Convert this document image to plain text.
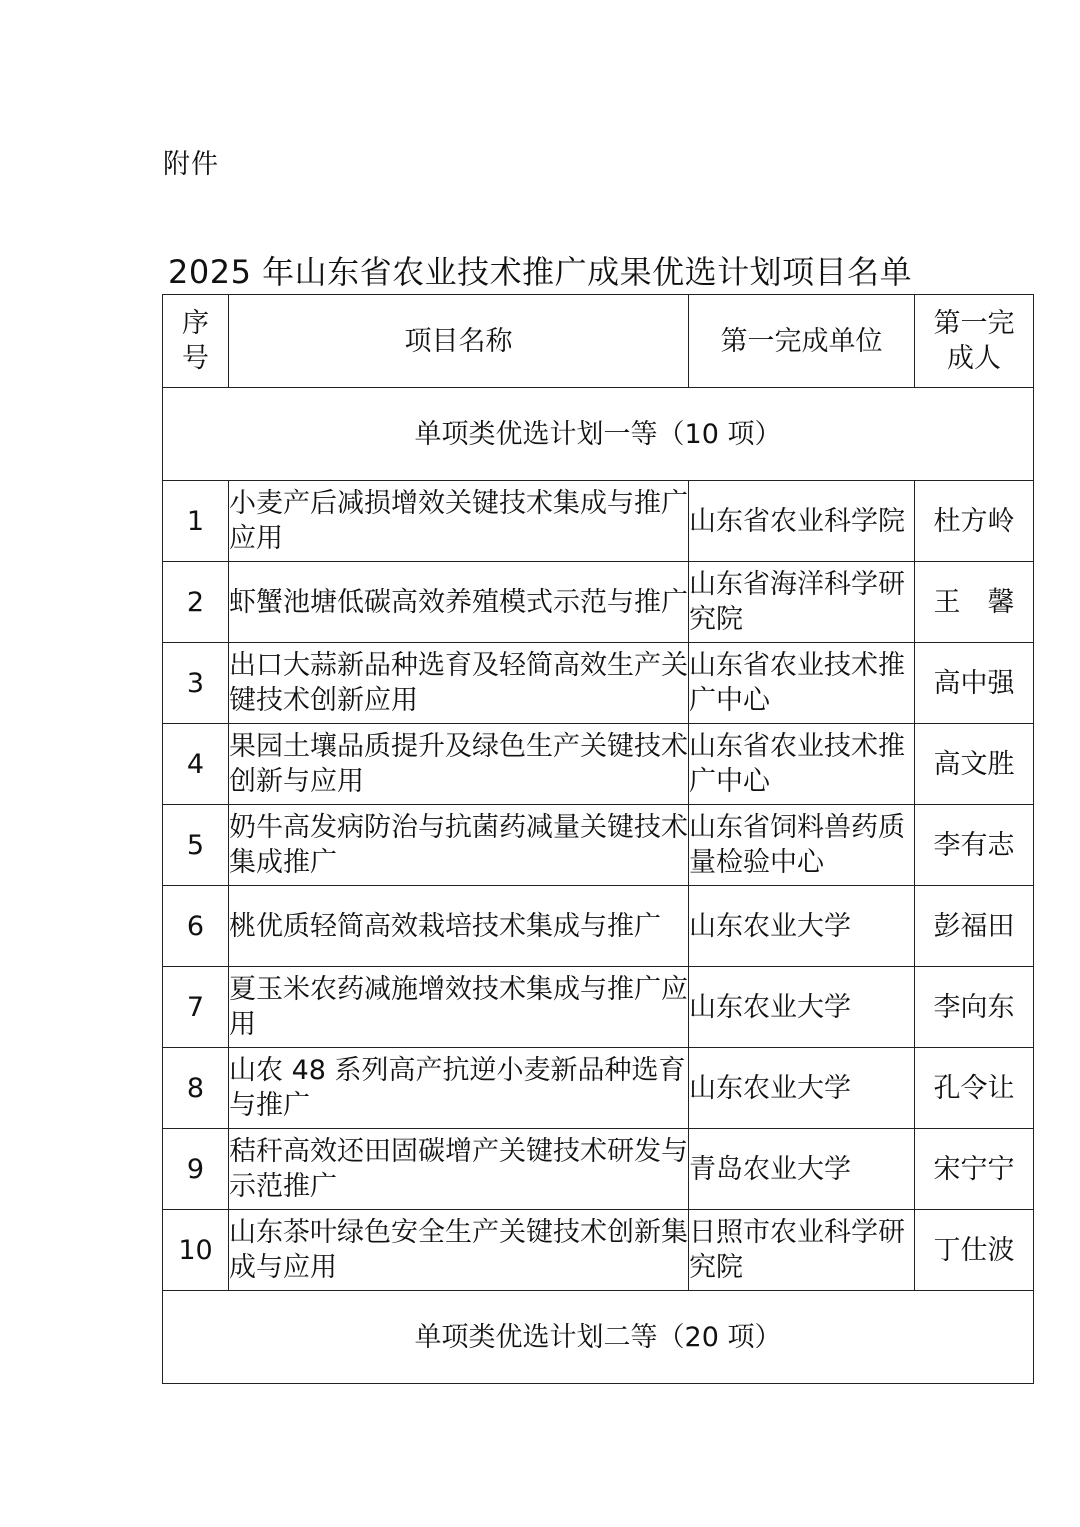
附件
2025 年山东省农业技术推广成果优选计划项目名单
序号	项目名称	第一完成单位	第一完成人
单项类优选计划一等（10 项）			
1	小麦产后减损增效关键技术集成与推广应用	山东省农业科学院	杜方岭
2	虾蟹池塘低碳高效养殖模式示范与推广	山东省海洋科学研究院	王　馨
3	出口大蒜新品种选育及轻简高效生产关键技术创新应用	山东省农业技术推广中心	高中强
4	果园土壤品质提升及绿色生产关键技术创新与应用	山东省农业技术推广中心	高文胜
5	奶牛高发病防治与抗菌药减量关键技术集成推广	山东省饲料兽药质量检验中心	李有志
6	桃优质轻简高效栽培技术集成与推广	山东农业大学	彭福田
7	夏玉米农药减施增效技术集成与推广应用	山东农业大学	李向东
8	山农 48 系列高产抗逆小麦新品种选育与推广	山东农业大学	孔令让
9	秸秆高效还田固碳增产关键技术研发与示范推广	青岛农业大学	宋宁宁
10	山东茶叶绿色安全生产关键技术创新集成与应用	日照市农业科学研究院	丁仕波
单项类优选计划二等（20 项）			
